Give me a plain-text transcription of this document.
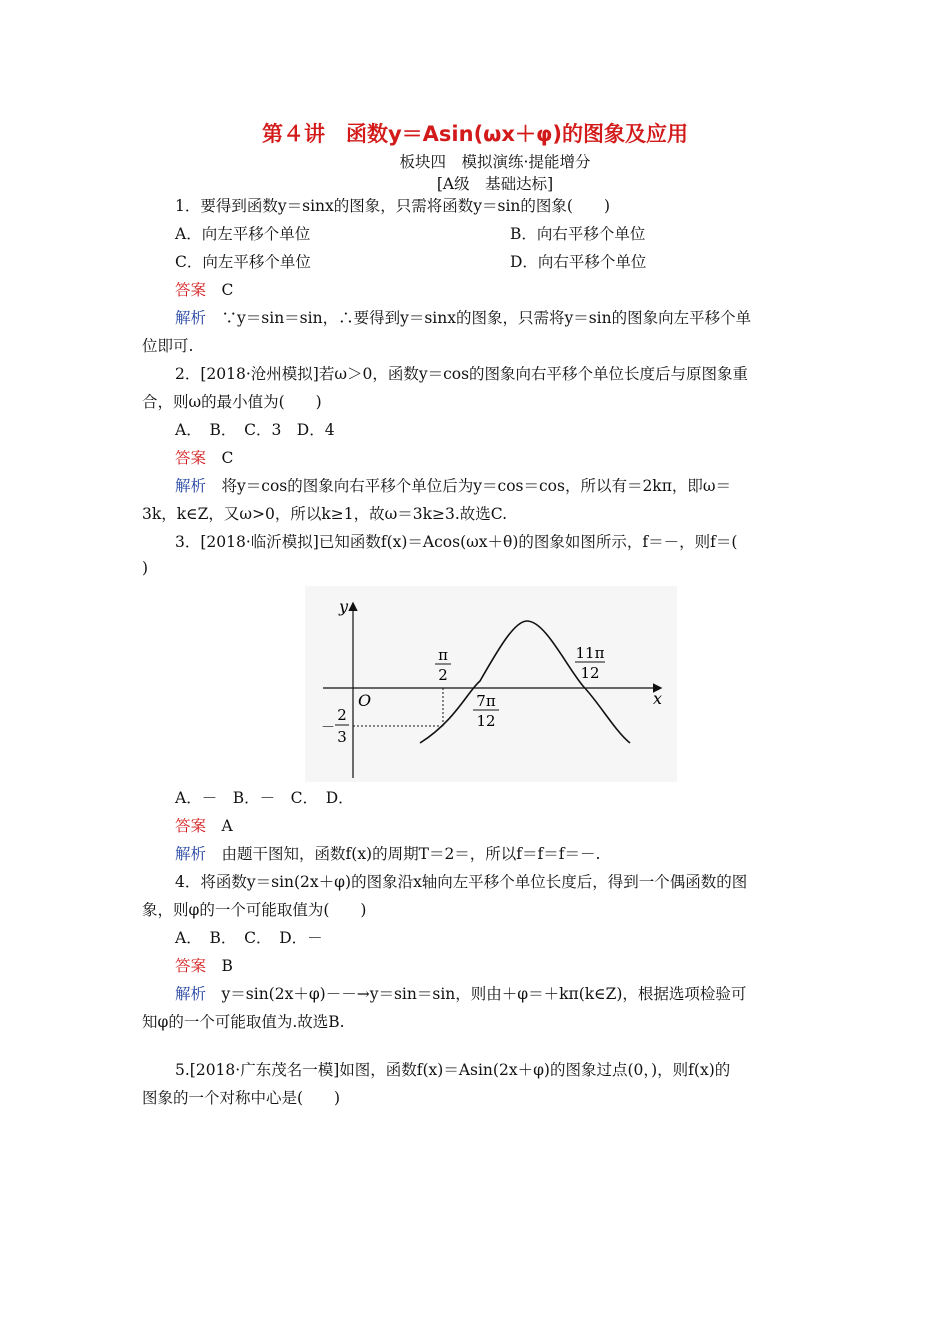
第４讲　函数y＝Asin(ωx＋φ)的图象及应用
板块四　模拟演练·提能增分
[A级　基础达标]
1．要得到函数y＝sinx的图象，只需将函数y＝sin的图象(　　)
A．向左平移个单位	B．向右平移个单位
C．向左平移个单位	D．向右平移个单位
答案　 C
解析　 ∵y＝sin＝sin，∴要得到y＝sinx的图象，只需将y＝sin的图象向左平移个单
位即可.
2．[2018·沧州模拟]若ω＞0，函数y＝cos的图象向右平移个单位长度后与原图象重
合，则ω的最小值为(　　)
A．　B．　C．3　D．4
答案　 C
解析　 将y＝cos的图象向右平移个单位后为y＝cos＝cos，所以有＝2kπ，即ω＝
3k，k∈Z，又ω>0，所以k≥1，故ω＝3k≥3.故选C.
3．[2018·临沂模拟]已知函数f(x)＝Acos(ωx＋θ)的图象如图所示，f＝－，则f＝(
)
y
x
O
π
2
7π
12
11π
12
－
2
3
A．－　B．－　C．　D．
答案　 A
解析　 由题干图知，函数f(x)的周期T＝2＝，所以f＝f＝f＝－.
4．将函数y＝sin(2x＋φ)的图象沿x轴向左平移个单位长度后，得到一个偶函数的图
象，则φ的一个可能取值为(　　)
A．　B．　C．　D．－
答案　 B
解析　 y＝sin(2x＋φ)－－→y＝sin＝sin，则由＋φ＝＋kπ(k∈Z)，根据选项检验可
知φ的一个可能取值为.故选B.
5.[2018·广东茂名一模]如图，函数f(x)＝Asin(2x＋φ)的图象过点(0，)，则f(x)的
图象的一个对称中心是(　　)
